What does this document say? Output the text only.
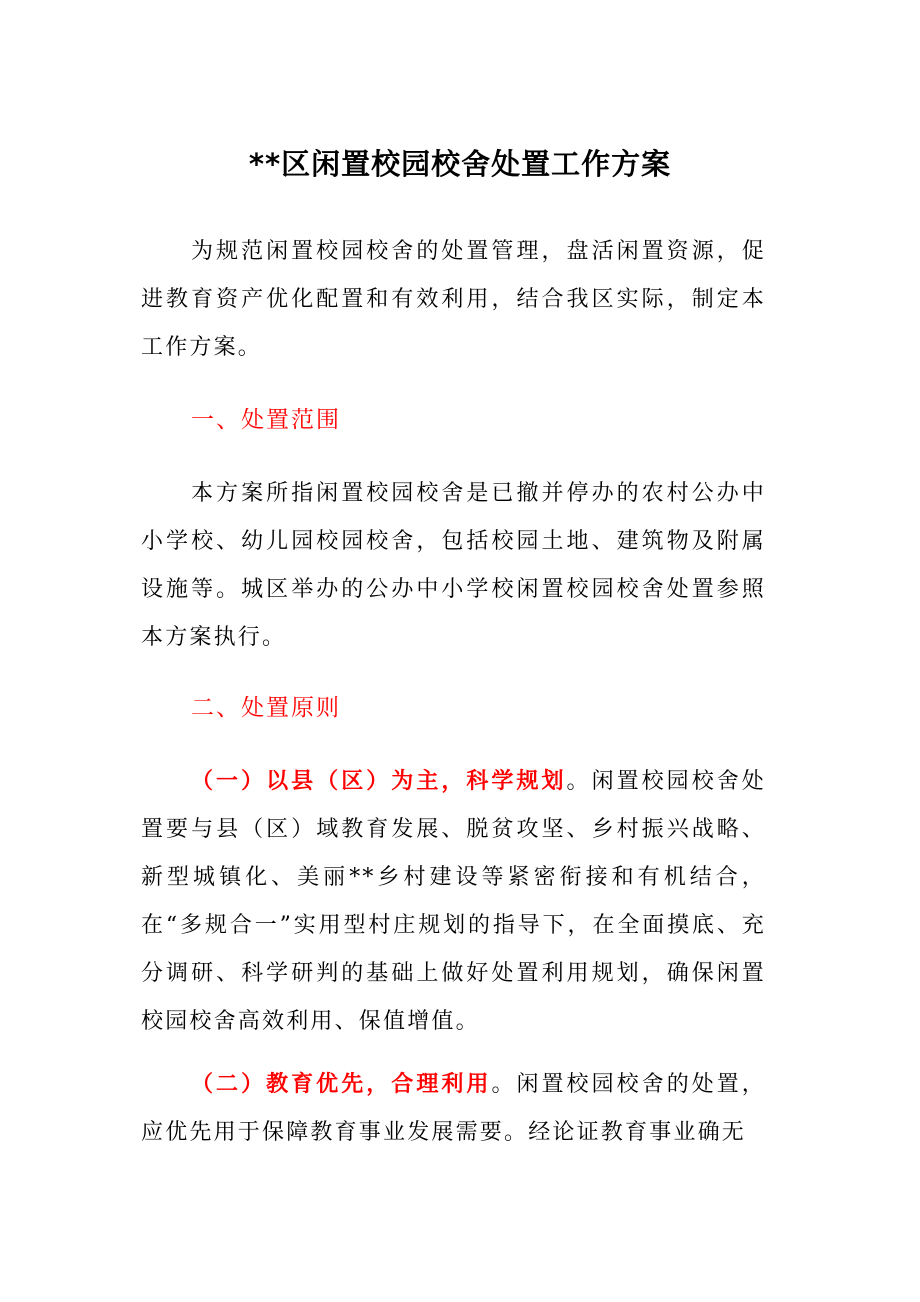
**区闲置校园校舍处置工作方案
为规范闲置校园校舍的处置管理，盘活闲置资源，促进教育资产优化配置和有效利用，结合我区实际，制定本工作方案。
一、处置范围
本方案所指闲置校园校舍是已撤并停办的农村公办中小学校、幼儿园校园校舍，包括校园土地、建筑物及附属设施等。城区举办的公办中小学校闲置校园校舍处置参照本方案执行。
二、处置原则
（一）以县（区）为主，科学规划。闲置校园校舍处置要与县（区）域教育发展、脱贫攻坚、乡村振兴战略、新型城镇化、美丽**乡村建设等紧密衔接和有机结合，在“多规合一”实用型村庄规划的指导下，在全面摸底、充分调研、科学研判的基础上做好处置利用规划，确保闲置校园校舍高效利用、保值增值。
（二）教育优先，合理利用。闲置校园校舍的处置，应优先用于保障教育事业发展需要。经论证教育事业确无
